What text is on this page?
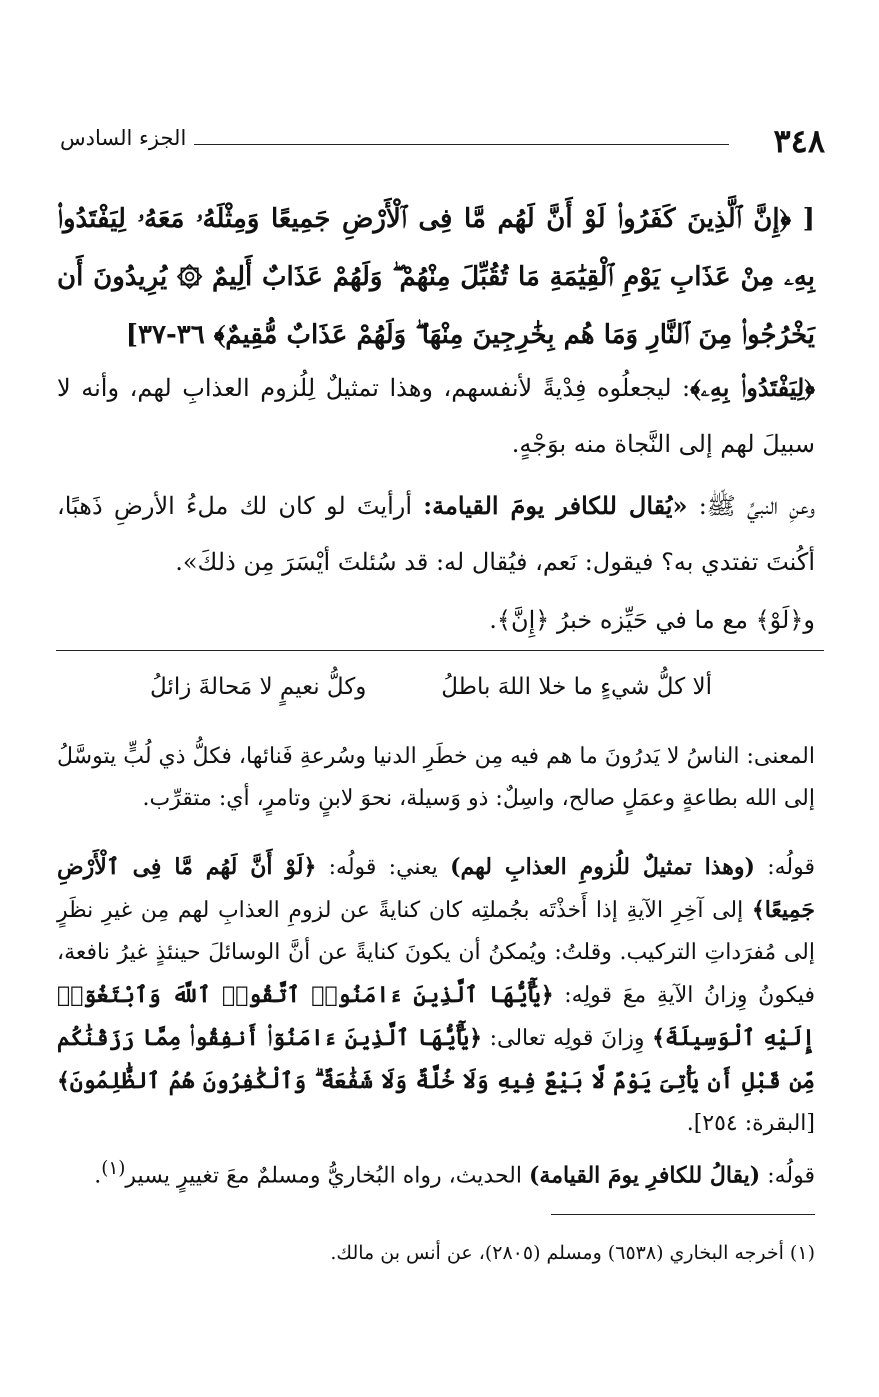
٣٤٨
الجزء السادس
[ ﴿إِنَّ ٱلَّذِينَ كَفَرُوا۟ لَوْ أَنَّ لَهُم مَّا فِى ٱلْأَرْضِ جَمِيعًا وَمِثْلَهُۥ مَعَهُۥ لِيَفْتَدُوا۟ بِهِۦ مِنْ عَذَابِ يَوْمِ ٱلْقِيَٰمَةِ مَا تُقُبِّلَ مِنْهُمْ ۖ وَلَهُمْ عَذَابٌ أَلِيمٌ ۞ يُرِيدُونَ أَن يَخْرُجُوا۟ مِنَ ٱلنَّارِ وَمَا هُم بِخَٰرِجِينَ مِنْهَا ۖ وَلَهُمْ عَذَابٌ مُّقِيمٌ﴾ ٣٦-٣٧]
﴿لِيَفْتَدُوا۟ بِهِۦ﴾: ليجعلُوه فِدْيةً لأنفسهم، وهذا تمثيلٌ لِلُزوم العذابِ لهم، وأنه لا سبيلَ لهم إلى النَّجاة منه بوَجْهٍ.
وعنِ النبيِّ ﷺ: «يُقال للكافر يومَ القيامة: أرأيتَ لو كان لك ملءُ الأرضِ ذَهبًا، أكُنتَ تفتدي به؟ فيقول: نَعم، فيُقال له: قد سُئلتَ أيْسَرَ مِن ذلكَ».
و﴿لَوْ﴾ مع ما في حَيِّزه خبرُ ﴿إِنَّ﴾.
ألا كلُّ شيءٍ ما خلا اللهَ باطلُ
وكلُّ نعيمٍ لا مَحالةَ زائلُ
المعنى: الناسُ لا يَدرُونَ ما هم فيه مِن خطَرِ الدنيا وسُرعةِ فَنائها، فكلُّ ذي لُبٍّ يتوسَّلُ إلى الله بطاعةٍ وعمَلٍ صالح، واسِلٌ: ذو وَسيلة، نحوَ لابنٍ وتامرٍ، أي: متقرِّب.
قولُه: (وهذا تمثيلٌ للُزومِ العذابِ لهم) يعني: قولُه: ﴿لَوْ أَنَّ لَهُم مَّا فِى ٱلْأَرْضِ جَمِيعًا﴾ إلى آخِرِ الآيةِ إذا أَخذْتَه بجُملتِه كان كنايةً عن لزومِ العذابِ لهم مِن غيرِ نظَرٍ إلى مُفرَداتِ التركيب. وقلتُ: ويُمكنُ أن يكونَ كنايةً عن أنَّ الوسائلَ حينئذٍ غيرُ نافعة، فيكونُ وِزانُ الآيةِ معَ قولِه: ﴿يَٰٓأَيُّهَا ٱلَّذِينَ ءَامَنُوا۟ ٱتَّقُوا۟ ٱللَّهَ وَٱبْتَغُوٓا۟ إِلَيْهِ ٱلْوَسِيلَةَ﴾ وِزانَ قولِه تعالى: ﴿يَٰٓأَيُّهَا ٱلَّذِينَ ءَامَنُوٓا۟ أَنفِقُوا۟ مِمَّا رَزَقْنَٰكُم مِّن قَبْلِ أَن يَأْتِىَ يَوْمٌ لَّا بَيْعٌ فِيهِ وَلَا خُلَّةٌ وَلَا شَفَٰعَةٌ ۗ وَٱلْكَٰفِرُونَ هُمُ ٱلظَّٰلِمُونَ﴾ [البقرة: ٢٥٤].
قولُه: (يقالُ للكافرِ يومَ القيامة) الحديث، رواه البُخاريُّ ومسلمٌ معَ تغييرٍ يسير$^{(١)}$.
(١) أخرجه البخاري (٦٥٣٨) ومسلم (٢٨٠٥)، عن أنس بن مالك.
